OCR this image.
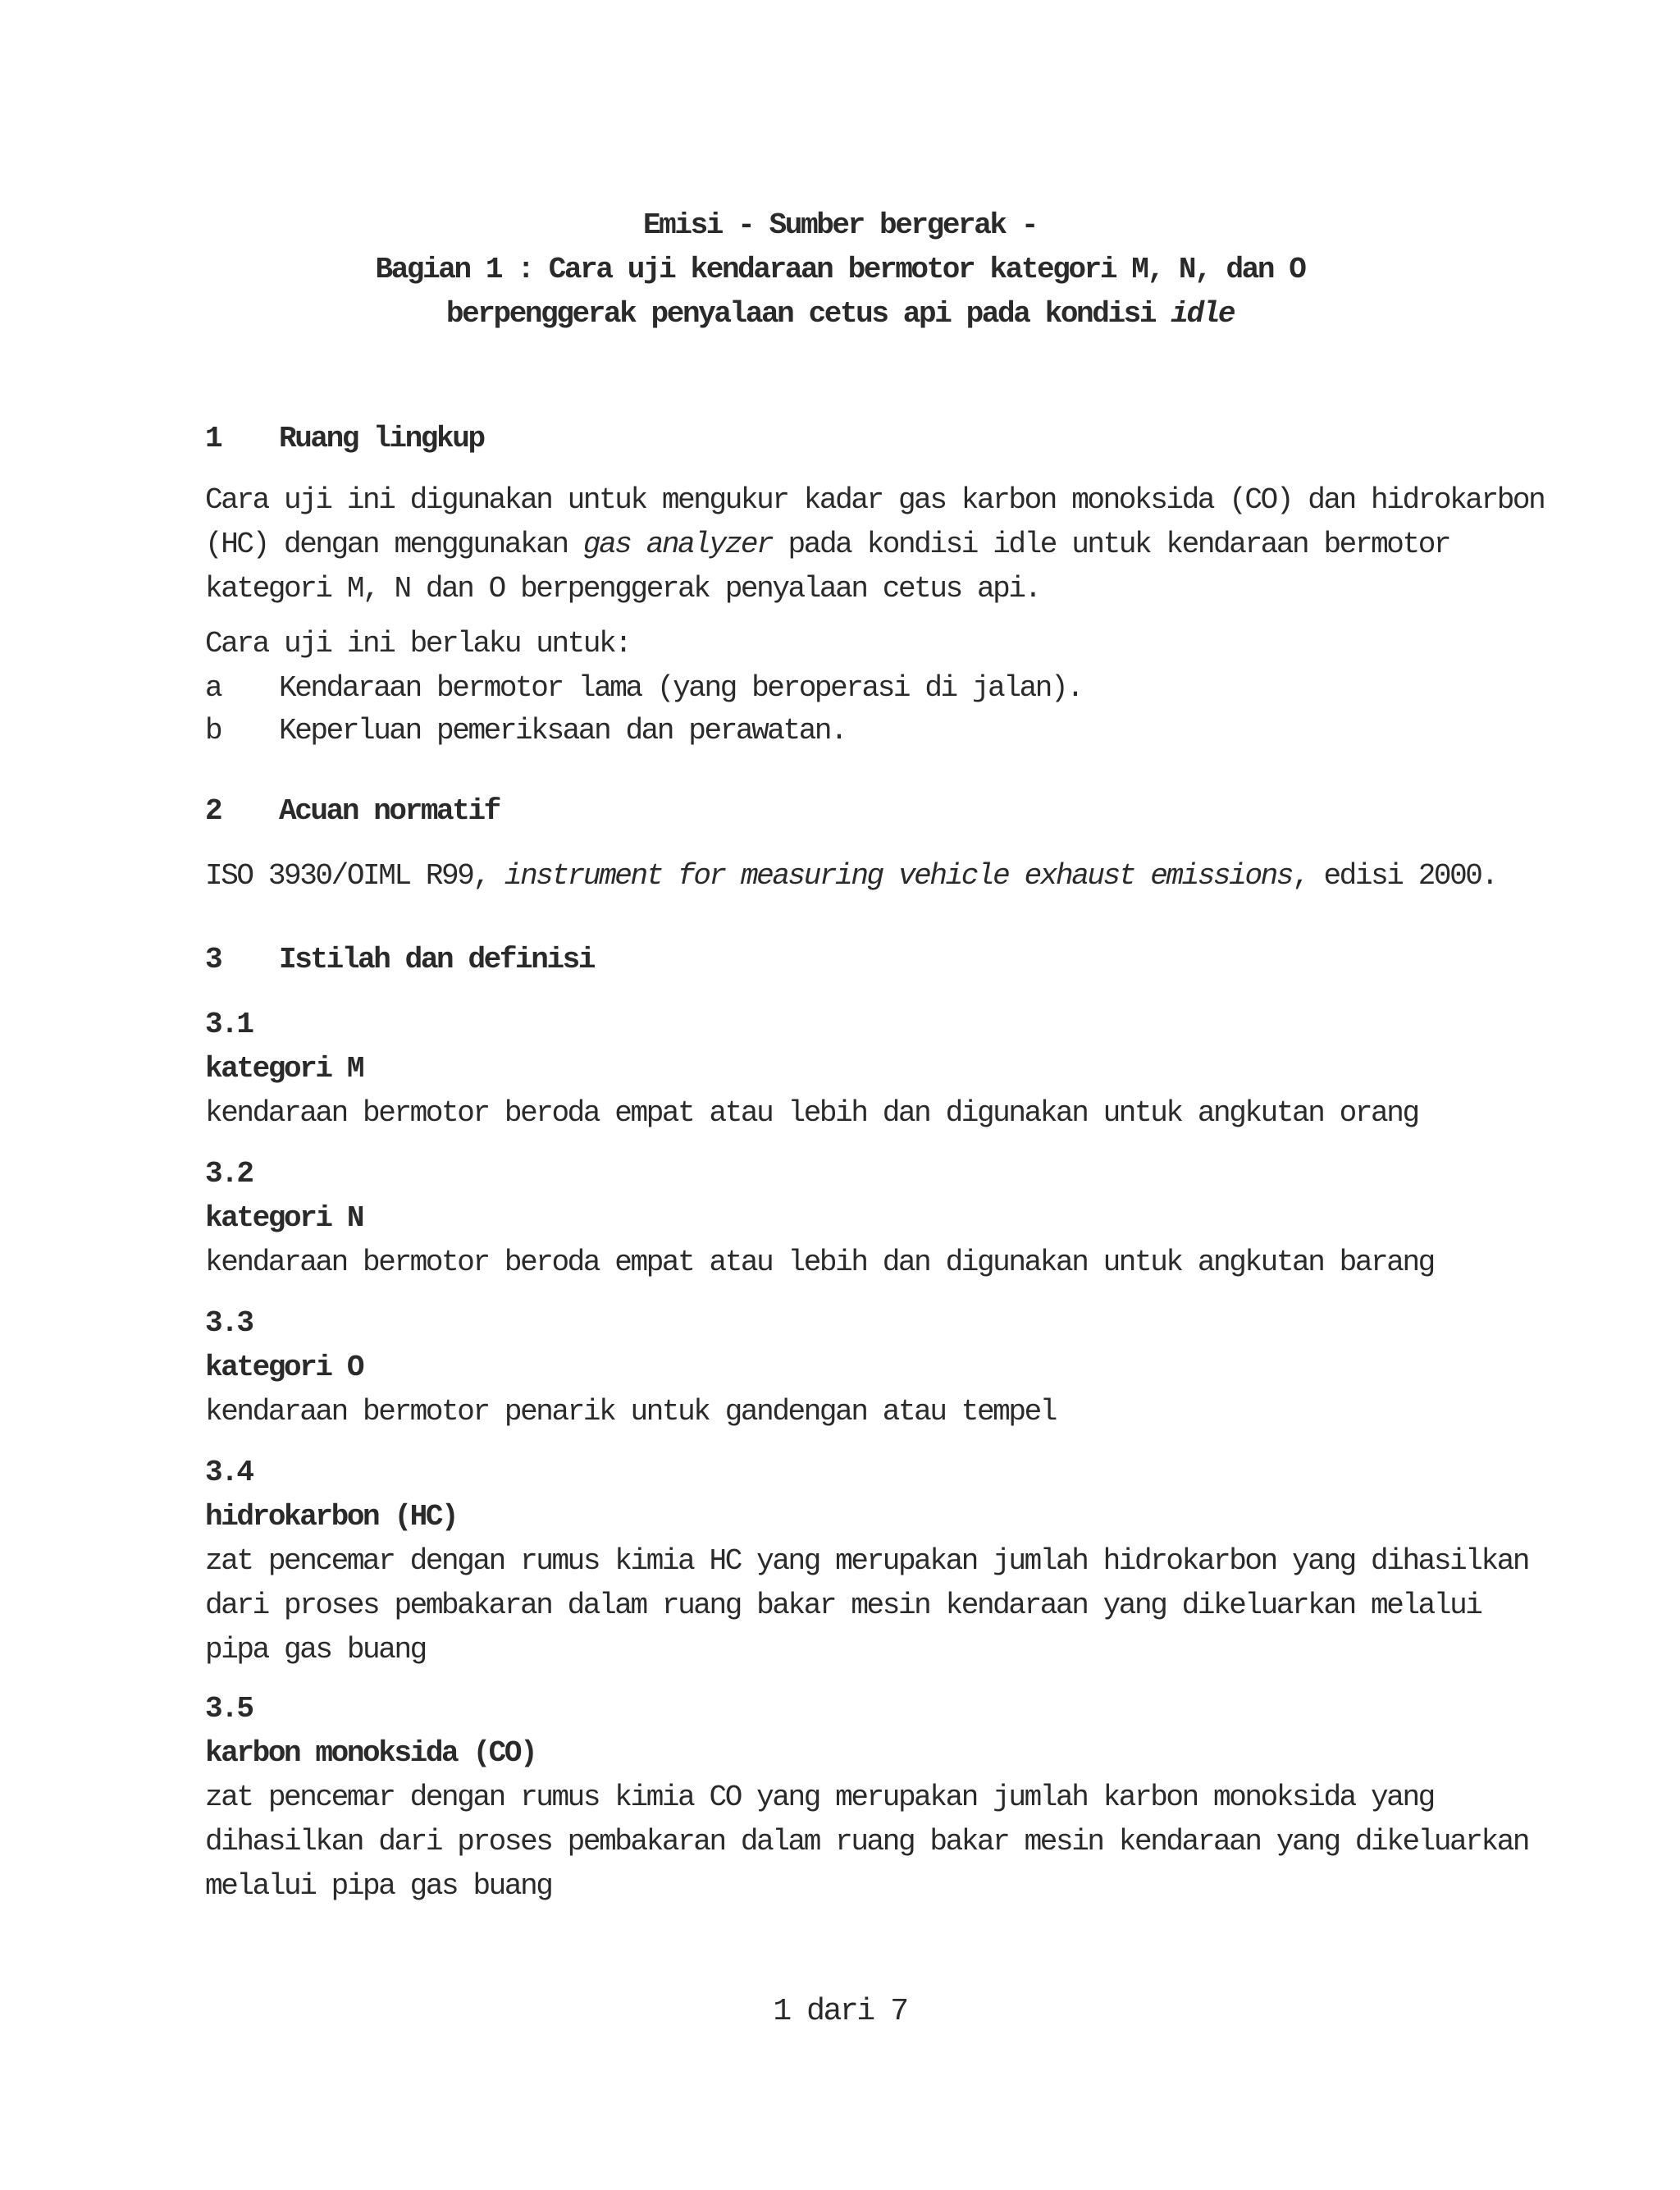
Emisi - Sumber bergerak -
Bagian 1 : Cara uji kendaraan bermotor kategori M, N, dan O
berpenggerak penyalaan cetus api pada kondisi idle
1 Ruang lingkup
Cara uji ini digunakan untuk mengukur kadar gas karbon monoksida (CO) dan hidrokarbon
(HC) dengan menggunakan gas analyzer pada kondisi idle untuk kendaraan bermotor
kategori M, N dan O berpenggerak penyalaan cetus api.
Cara uji ini berlaku untuk:
a Kendaraan bermotor lama (yang beroperasi di jalan).
b Keperluan pemeriksaan dan perawatan.
2 Acuan normatif
ISO 3930/OIML R99, instrument for measuring vehicle exhaust emissions, edisi 2000.
3 Istilah dan definisi
3.1
kategori M
kendaraan bermotor beroda empat atau lebih dan digunakan untuk angkutan orang
3.2
kategori N
kendaraan bermotor beroda empat atau lebih dan digunakan untuk angkutan barang
3.3
kategori O
kendaraan bermotor penarik untuk gandengan atau tempel
3.4
hidrokarbon (HC)
zat pencemar dengan rumus kimia HC yang merupakan jumlah hidrokarbon yang dihasilkan
dari proses pembakaran dalam ruang bakar mesin kendaraan yang dikeluarkan melalui
pipa gas buang
3.5
karbon monoksida (CO)
zat pencemar dengan rumus kimia CO yang merupakan jumlah karbon monoksida yang
dihasilkan dari proses pembakaran dalam ruang bakar mesin kendaraan yang dikeluarkan
melalui pipa gas buang
1 dari 7
